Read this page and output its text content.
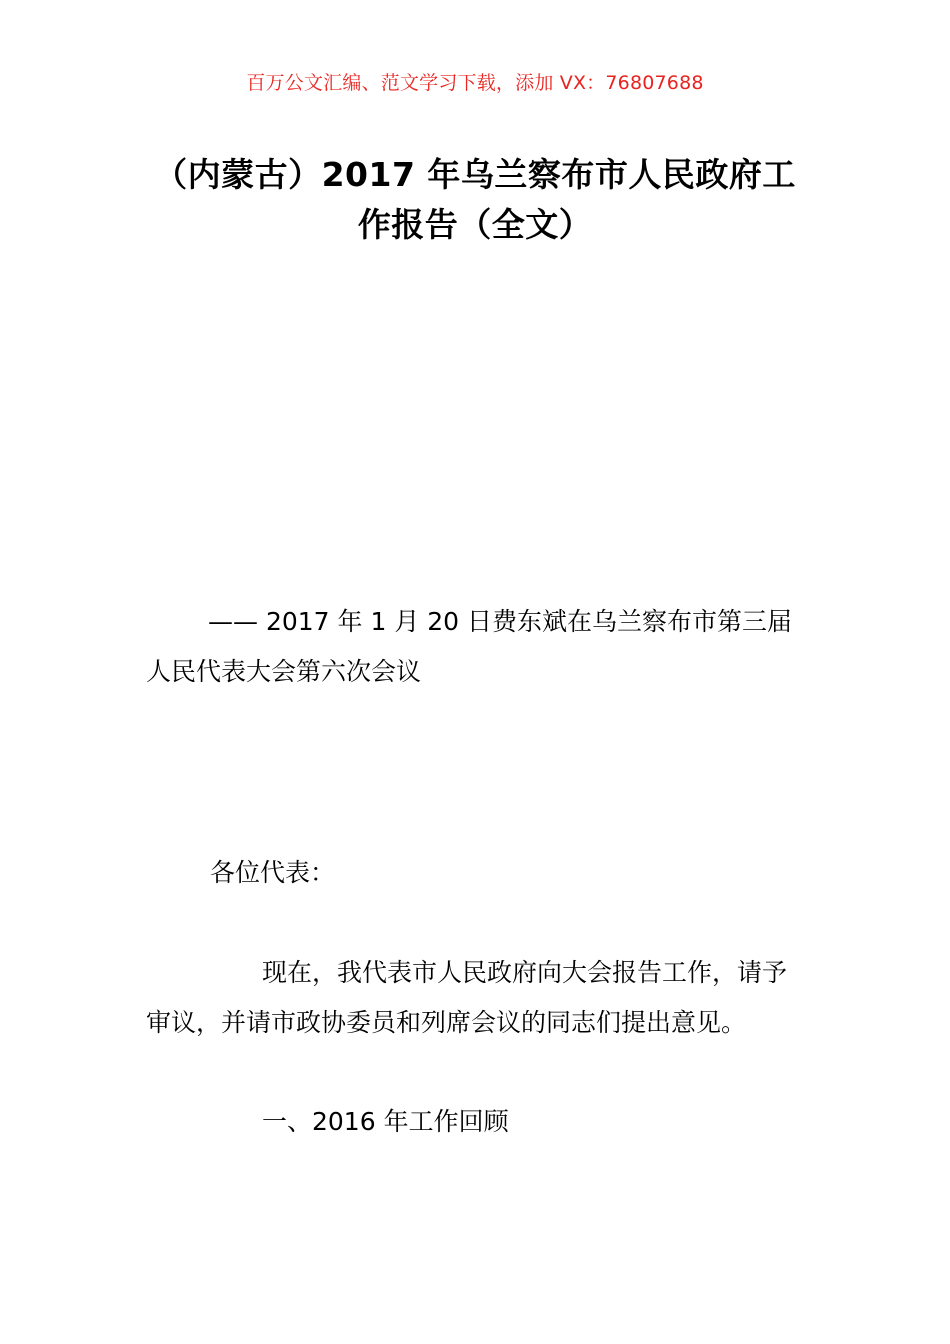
百万公文汇编、范文学习下载，添加 VX：76807688
（内蒙古）2017 年乌兰察布市人民政府工
作报告（全文）
—— 2017 年 1 月 20 日费东斌在乌兰察布市第三届
人民代表大会第六次会议
各位代表：
现在，我代表市人民政府向大会报告工作，请予
审议，并请市政协委员和列席会议的同志们提出意见。
一、2016 年工作回顾
